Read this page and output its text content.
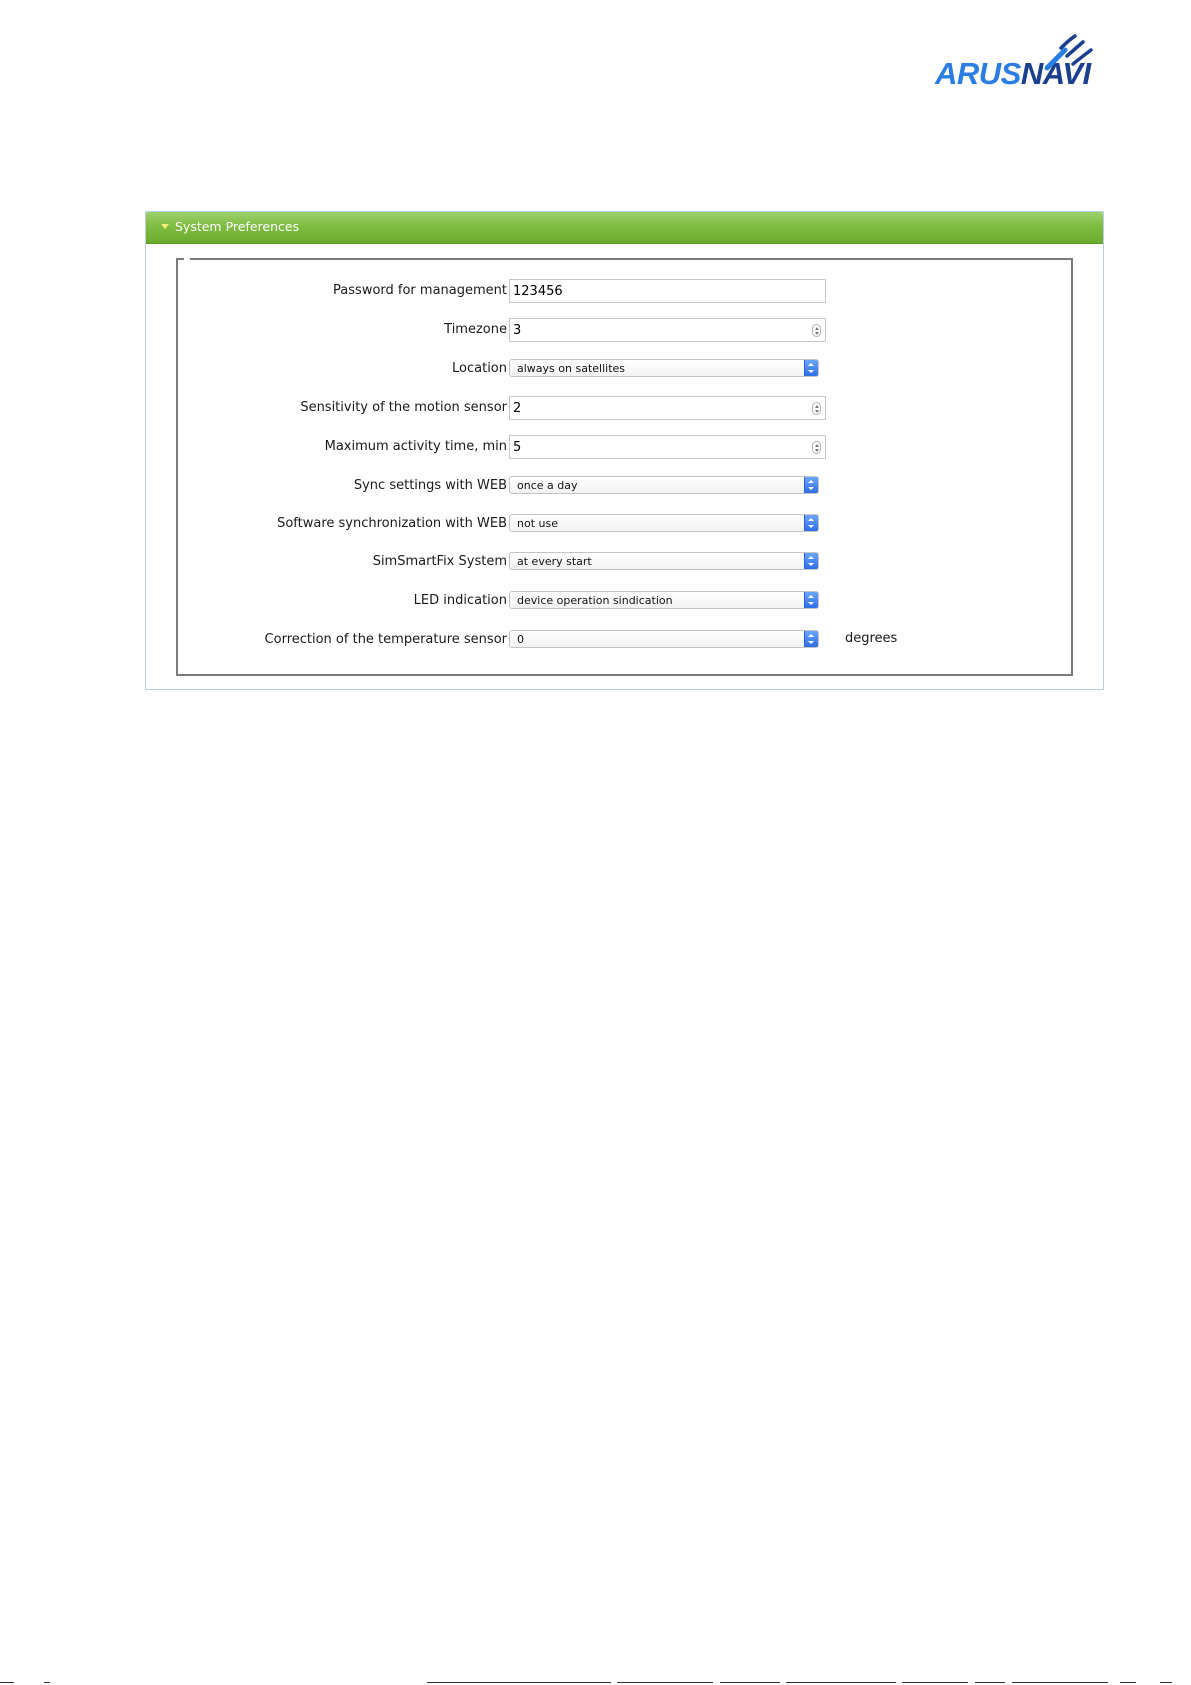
ARUSNAVI
System Preferences
Password for management 123456
Timezone 3
Location always on satellites
Sensitivity of the motion sensor 2
Maximum activity time, min 5
Sync settings with WEB once a day
Software synchronization with WEB not use
SimSmartFix System at every start
LED indication device operation sindication
Correction of the temperature sensor 0	degrees
